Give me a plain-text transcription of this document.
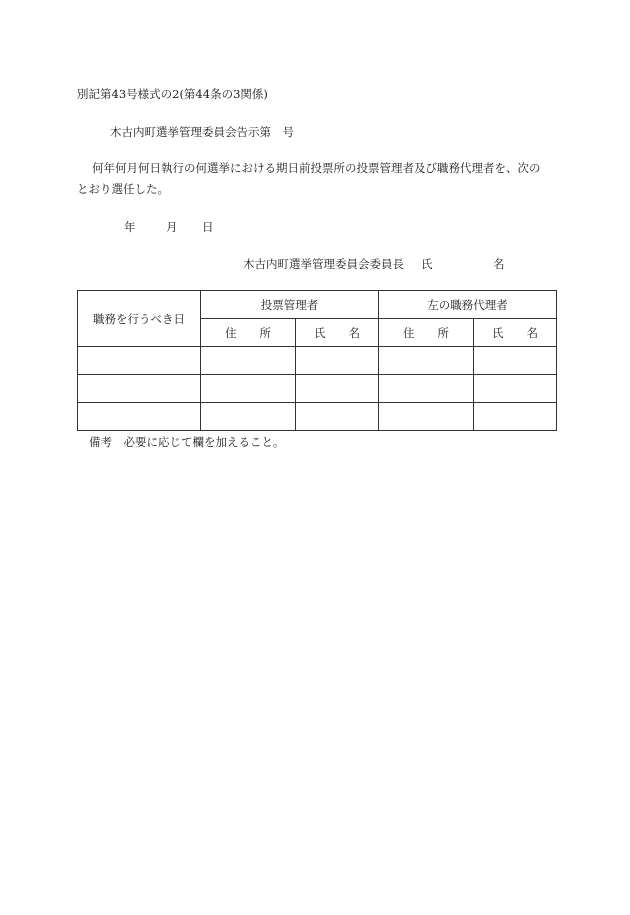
別記第43号様式の2(第44条の3関係)
木古内町選挙管理委員会告示第　号
何年何月何日執行の何選挙における期日前投票所の投票管理者及び職務代理者を、次の
とおり選任した。
年	月 日
木古内町選挙管理委員会委員長 氏	名
職務を行うべき日	投票管理者		左の職務代理者	
	住　　所	氏　　名	住　　所	氏　　名

備考　必要に応じて欄を加えること。
